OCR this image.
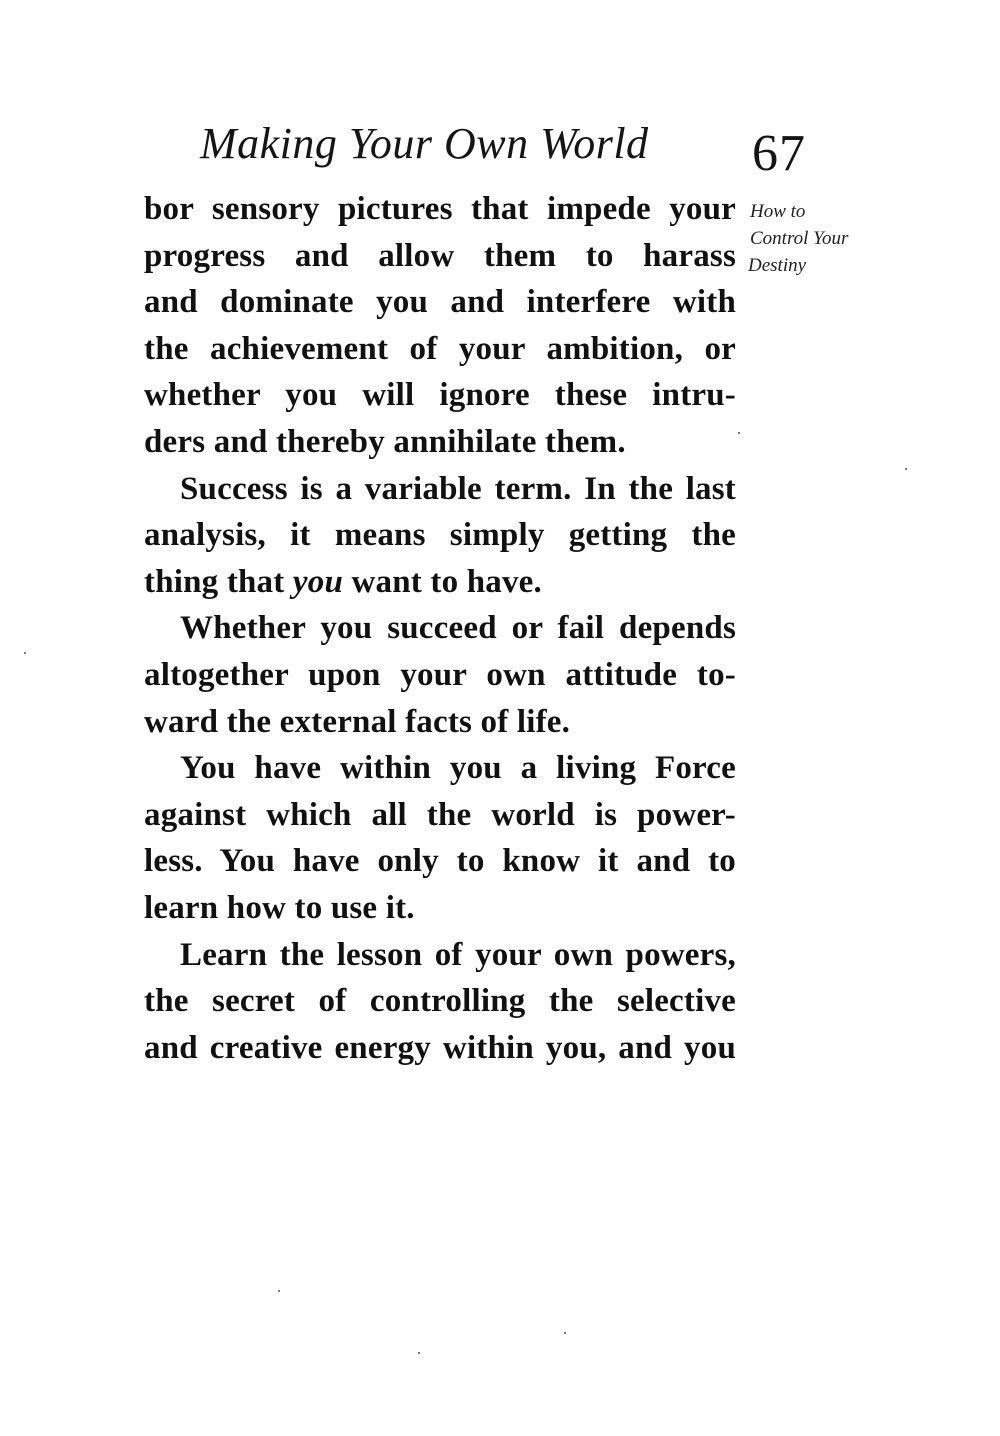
Making Your Own World 67
How to
Control Your
Destiny
bor sensory pictures that impede your
progress and allow them to harass
and dominate you and interfere with
the achievement of your ambition, or
whether you will ignore these intru-
ders and thereby annihilate them.
Success is a variable term. In the last
analysis, it means simply getting the
thing that you want to have.
Whether you succeed or fail depends
altogether upon your own attitude to-
ward the external facts of life.
You have within you a living Force
against which all the world is power-
less. You have only to know it and to
learn how to use it.
Learn the lesson of your own powers,
the secret of controlling the selective
and creative energy within you, and you
